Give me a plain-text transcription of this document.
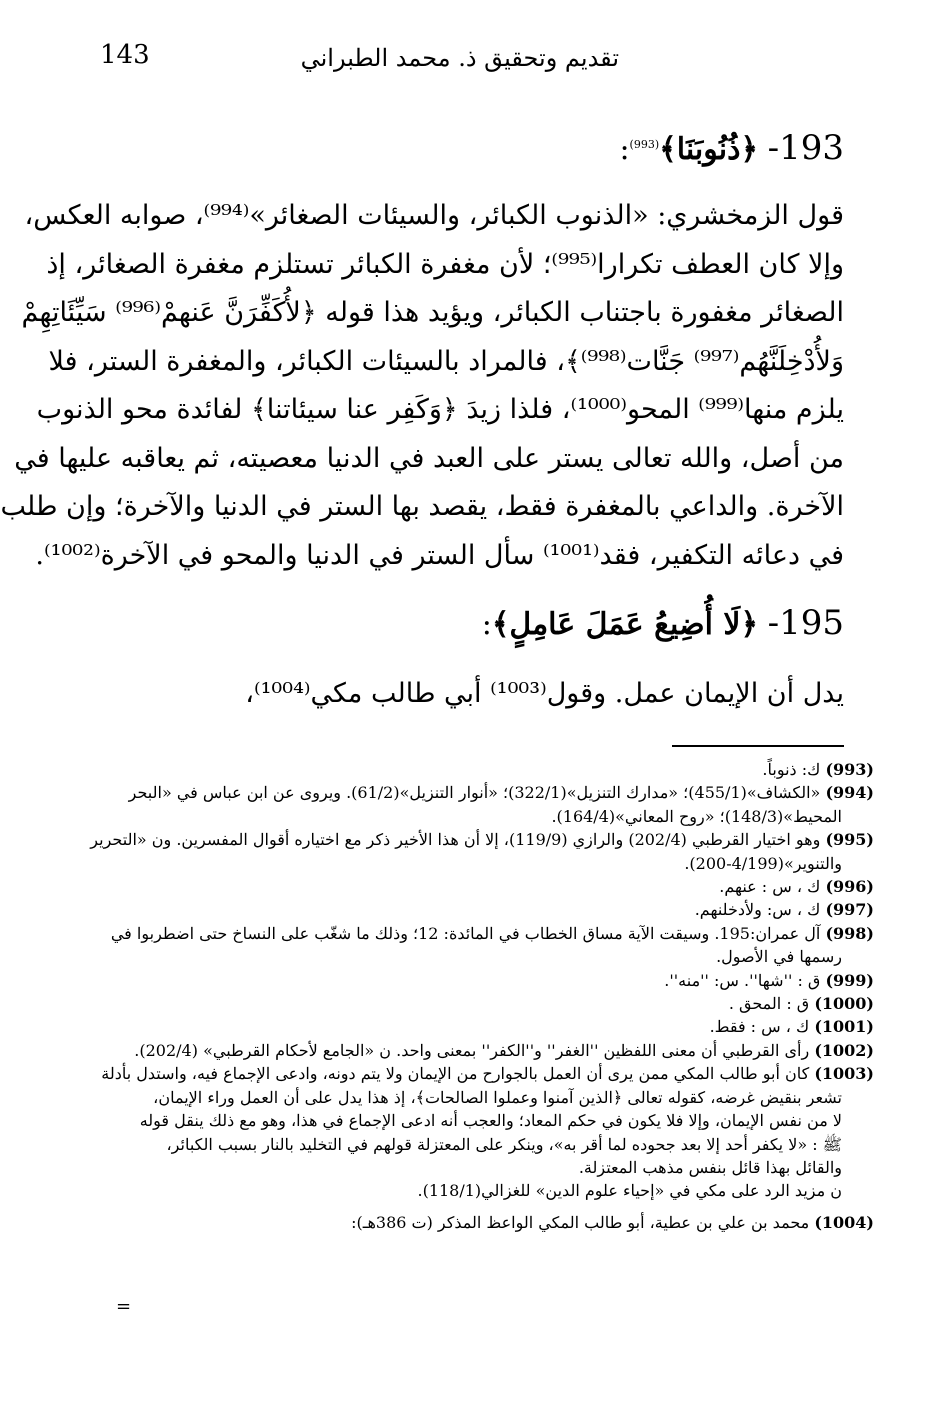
143	تقديم وتحقيق ذ. محمد الطبراني
193- ﴿ذُنُوبَنَا﴾$^{(993)}$:
قول الزمخشري: «الذنوب الكبائر، والسيئات الصغائر»⁽⁹⁹⁴⁾، صوابه العكس،
وإلا كان العطف تكرارا⁽⁹⁹⁵⁾؛ لأن مغفرة الكبائر تستلزم مغفرة الصغائر، إذ
الصغائر مغفورة باجتناب الكبائر، ويؤيد هذا قوله ﴿لأُكَفِّرَنَّ عَنهمْ⁽⁹⁹⁶⁾ سَيِّئَاتِهِمْ
وَلأُدْخِلَنَّهُم⁽⁹⁹⁷⁾ جَنَّات⁽⁹⁹⁸⁾﴾، فالمراد بالسيئات الكبائر، والمغفرة الستر، فلا
يلزم منها⁽⁹⁹⁹⁾ المحو⁽¹⁰⁰⁰⁾، فلذا زيدَ ﴿وَكَفِر عنا سيئاتنا﴾ لفائدة محو الذنوب
من أصل، والله تعالى يستر على العبد في الدنيا معصيته، ثم يعاقبه عليها في
الآخرة. والداعي بالمغفرة فقط، يقصد بها الستر في الدنيا والآخرة؛ وإن طلب
في دعائه التكفير، فقد⁽¹⁰⁰¹⁾ سأل الستر في الدنيا والمحو في الآخرة⁽¹⁰⁰²⁾.
195- ﴿لَا أُضِيعُ عَمَلَ عَامِلٍ﴾:
يدل أن الإيمان عمل. وقول⁽¹⁰⁰³⁾ أبي طالب مكي⁽¹⁰⁰⁴⁾،
(993) ك: ذنوباً.
(994) «الكشاف»(455/1)؛ «مدارك التنزيل»(322/1)؛ «أنوار التنزيل»(61/2). ويروى عن ابن عباس في «البحر
المحيط»(148/3)؛ «روح المعاني»(164/4).
(995) وهو اختيار القرطبي (202/4) والرازي (119/9)، إلا أن هذا الأخير ذكر مع اختياره أقوال المفسرين. ون «التحرير
والتنوير»(4/199-200).
(996) ك ، س : عنهم.
(997) ك ، س: ولأدخلنهم.
(998) آل عمران:195. وسيقت الآية مساق الخطاب في المائدة: 12؛ وذلك ما شغّب على النساخ حتى اضطربوا في
رسمها في الأصول.
(999) ق : ''شها''. س: ''منه''.
(1000) ق : المحق .
(1001) ك ، س : فقط.
(1002) رأى القرطبي أن معنى اللفظين ''الغفر'' و''الكفر'' بمعنى واحد. ن «الجامع لأحكام القرطبي» (202/4).
(1003) كان أبو طالب المكي ممن يرى أن العمل بالجوارح من الإيمان ولا يتم دونه، وادعى الإجماع فيه، واستدل بأدلة
تشعر بنقيض غرضه، كقوله تعالى ﴿الذين آمنوا وعملوا الصالحات﴾، إذ هذا يدل على أن العمل وراء الإيمان،
لا من نفس الإيمان، وإلا فلا يكون في حكم المعاد؛ والعجب أنه ادعى الإجماع في هذا، وهو مع ذلك ينقل قوله
ﷺ : «لا يكفر أحد إلا بعد جحوده لما أقر به»، وينكر على المعتزلة قولهم في التخليد بالنار بسبب الكبائر،
والقائل بهذا قائل بنفس مذهب المعتزلة.
ن مزيد الرد على مكي في «إحياء علوم الدين» للغزالي(118/1).
(1004) محمد بن علي بن عطية، أبو طالب المكي الواعظ المذكر (ت 386هـ):
=
